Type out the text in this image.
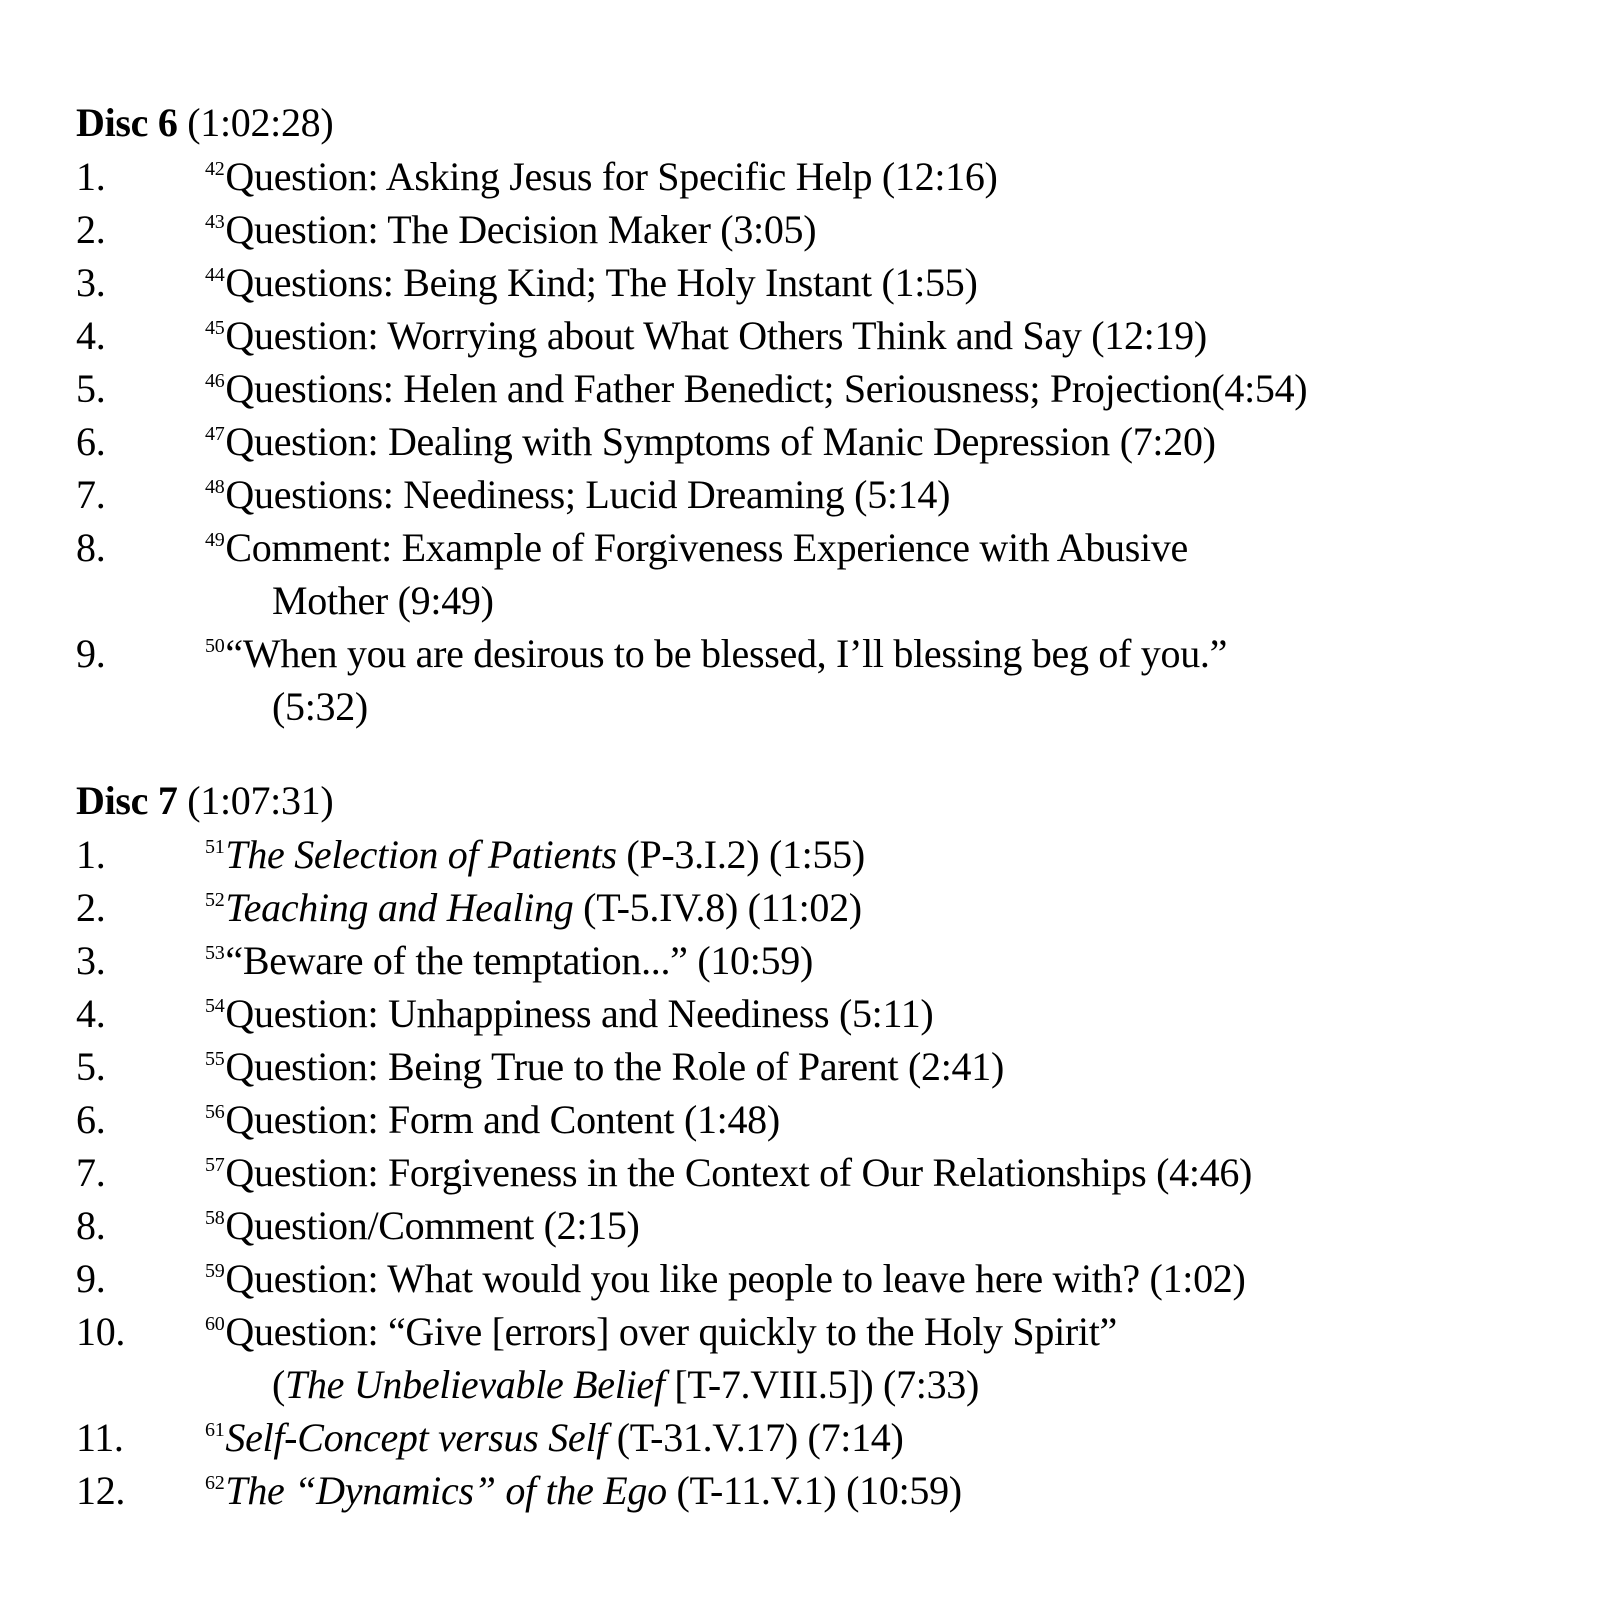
Disc 6 (1:02:28)
1.	$^{42}$Question: Asking Jesus for Specific Help (12:16)
2.	$^{43}$Question: The Decision Maker (3:05)
3.	$^{44}$Questions: Being Kind; The Holy Instant (1:55)
4.	$^{45}$Question: Worrying about What Others Think and Say (12:19)
5.	$^{46}$Questions: Helen and Father Benedict; Seriousness; Projection(4:54)
6.	$^{47}$Question: Dealing with Symptoms of Manic Depression (7:20)
7.	$^{48}$Questions: Neediness; Lucid Dreaming (5:14)
8.	$^{49}$Comment: Example of Forgiveness Experience with Abusive
Mother (9:49)
9.	$^{50}$“When you are desirous to be blessed, I’ll blessing beg of you.”
(5:32)
Disc 7 (1:07:31)
1.	$^{51}$The Selection of Patients (P-3.I.2) (1:55)
2.	$^{52}$Teaching and Healing (T-5.IV.8) (11:02)
3.	$^{53}$“Beware of the temptation...” (10:59)
4.	$^{54}$Question: Unhappiness and Neediness (5:11)
5.	$^{55}$Question: Being True to the Role of Parent (2:41)
6.	$^{56}$Question: Form and Content (1:48)
7.	$^{57}$Question: Forgiveness in the Context of Our Relationships (4:46)
8.	$^{58}$Question/Comment (2:15)
9.	$^{59}$Question: What would you like people to leave here with? (1:02)
10.	$^{60}$Question: “Give [errors] over quickly to the Holy Spirit”
(The Unbelievable Belief [T-7.VIII.5]) (7:33)
11.	$^{61}$Self-Concept versus Self (T-31.V.17) (7:14)
12.	$^{62}$The “Dynamics” of the Ego (T-11.V.1) (10:59)
